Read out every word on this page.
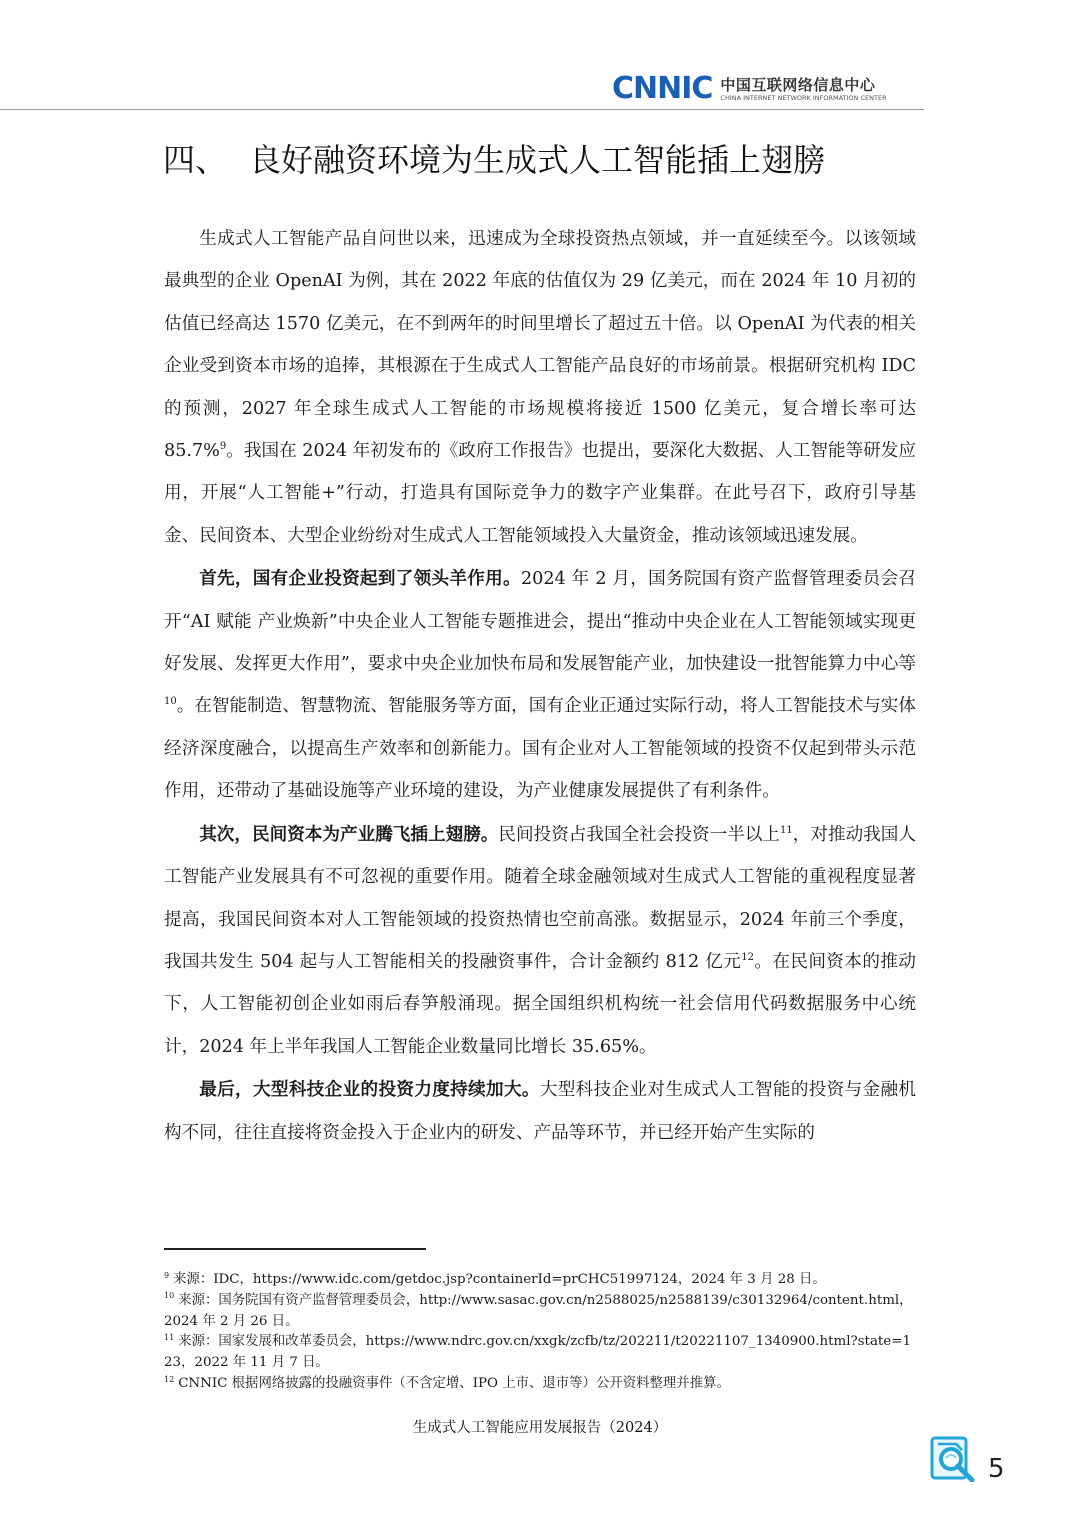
CNNIC 中国互联网络信息中心
CHINA INTERNET NETWORK INFORMATION CENTER
四、 良好融资环境为生成式人工智能插上翅膀

生成式人工智能产品自问世以来，迅速成为全球投资热点领域，并一直延续至今。以该领域最典型的企业 OpenAI 为例，其在 2022 年底的估值仅为 29 亿美元，而在 2024 年 10 月初的估值已经高达 1570 亿美元，在不到两年的时间里增长了超过五十倍。以 OpenAI 为代表的相关企业受到资本市场的追捧，其根源在于生成式人工智能产品良好的市场前景。根据研究机构 IDC 的预测，2027 年全球生成式人工智能的市场规模将接近 1500 亿美元，复合增长率可达 85.7%$^9$。我国在 2024 年初发布的《政府工作报告》也提出，要深化大数据、人工智能等研发应用，开展“人工智能+”行动，打造具有国际竞争力的数字产业集群。在此号召下，政府引导基金、民间资本、大型企业纷纷对生成式人工智能领域投入大量资金，推动该领域迅速发展。

首先，国有企业投资起到了领头羊作用。2024 年 2 月，国务院国有资产监督管理委员会召开“AI 赋能 产业焕新”中央企业人工智能专题推进会，提出“推动中央企业在人工智能领域实现更好发展、发挥更大作用”，要求中央企业加快布局和发展智能产业，加快建设一批智能算力中心等$^{10}$。在智能制造、智慧物流、智能服务等方面，国有企业正通过实际行动，将人工智能技术与实体经济深度融合，以提高生产效率和创新能力。国有企业对人工智能领域的投资不仅起到带头示范作用，还带动了基础设施等产业环境的建设，为产业健康发展提供了有利条件。

其次，民间资本为产业腾飞插上翅膀。民间投资占我国全社会投资一半以上$^{11}$，对推动我国人工智能产业发展具有不可忽视的重要作用。随着全球金融领域对生成式人工智能的重视程度显著提高，我国民间资本对人工智能领域的投资热情也空前高涨。数据显示，2024 年前三个季度，我国共发生 504 起与人工智能相关的投融资事件，合计金额约 812 亿元$^{12}$。在民间资本的推动下，人工智能初创企业如雨后春笋般涌现。据全国组织机构统一社会信用代码数据服务中心统计，2024 年上半年我国人工智能企业数量同比增长 35.65%。

最后，大型科技企业的投资力度持续加大。大型科技企业对生成式人工智能的投资与金融机构不同，往往直接将资金投入于企业内的研发、产品等环节，并已经开始产生实际的

$^9$ 来源：IDC，https://www.idc.com/getdoc.jsp?containerId=prCHC51997124，2024 年 3 月 28 日。

$^{10}$ 来源：国务院国有资产监督管理委员会，http://www.sasac.gov.cn/n2588025/n2588139/c30132964/content.html，2024 年 2 月 26 日。

$^{11}$ 来源：国家发展和改革委员会，https://www.ndrc.gov.cn/xxgk/zcfb/tz/202211/t20221107_1340900.html?state=123，2022 年 11 月 7 日。

$^{12}$ CNNIC 根据网络披露的投融资事件（不含定增、IPO 上市、退市等）公开资料整理并推算。

生成式人工智能应用发展报告（2024）
5
